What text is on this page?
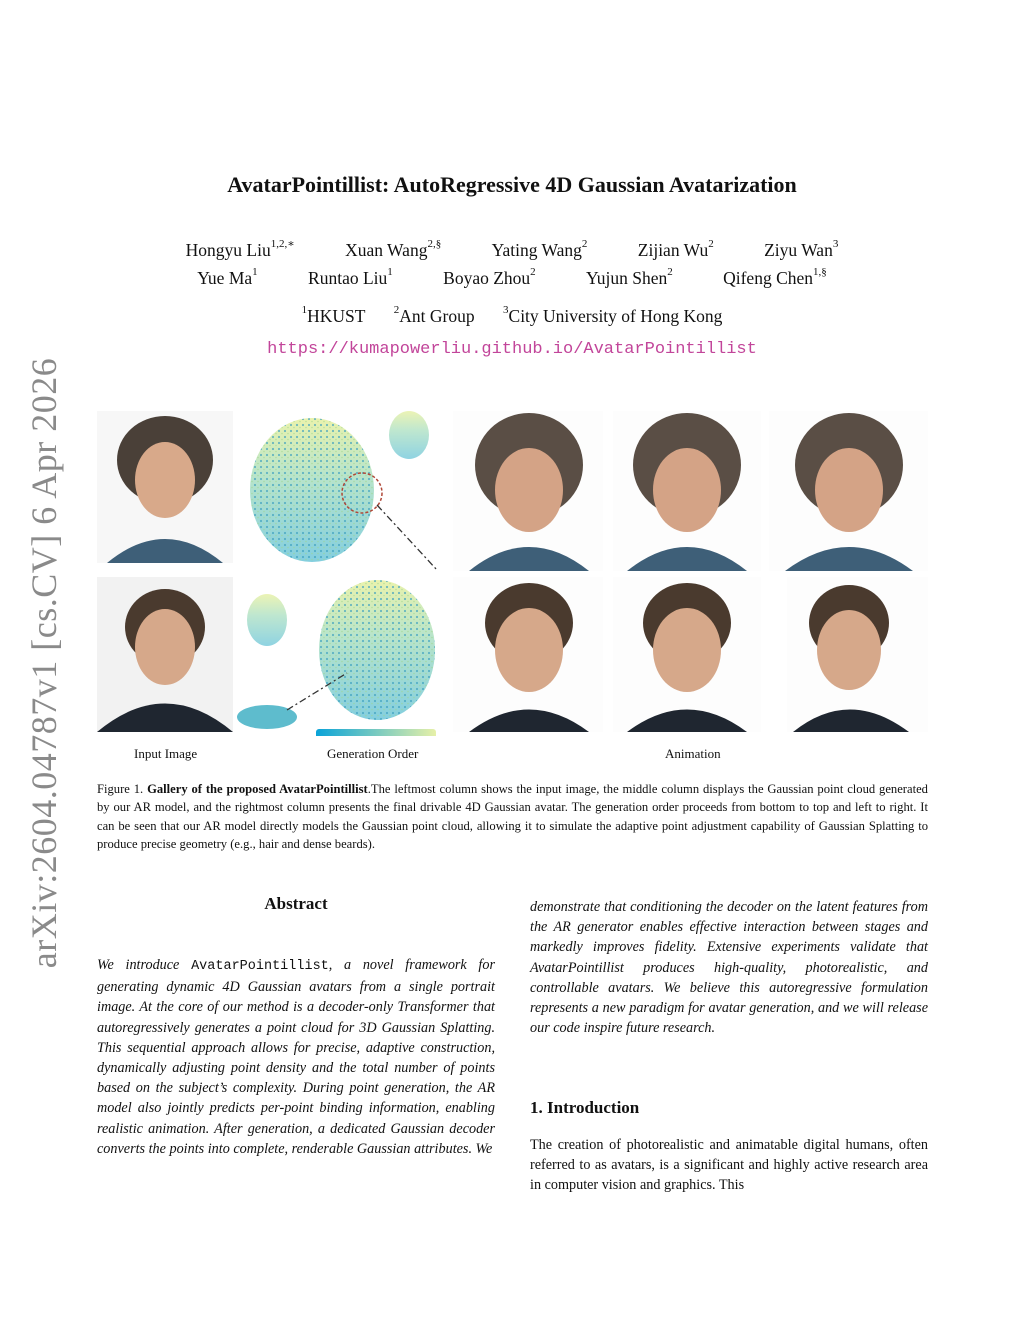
arXiv:2604.04787v1 [cs.CV] 6 Apr 2026
AvatarPointillist: AutoRegressive 4D Gaussian Avatarization
Hongyu Liu$^{1,2,∗}$	Xuan Wang$^{2,\S}$	Yating Wang$^2$	Zijian Wu$^2$	Ziyu Wan$^3$
Yue Ma$^1$	Runtao Liu$^1$	Boyao Zhou$^2$	Yujun Shen$^2$	Qifeng Chen$^{1,\S}$
$^1$HKUST	$^2$Ant Group	$^3$City University of Hong Kong
https://kumapowerliu.github.io/AvatarPointillist
Input Image	Generation Order	Animation
Figure 1. Gallery of the proposed AvatarPointillist.The leftmost column shows the input image, the middle column displays the Gaussian point cloud generated by our AR model, and the rightmost column presents the final drivable 4D Gaussian avatar. The generation order proceeds from bottom to top and left to right. It can be seen that our AR model directly models the Gaussian point cloud, allowing it to simulate the adaptive point adjustment capability of Gaussian Splatting to produce precise geometry (e.g., hair and dense beards).
Abstract
We introduce AvatarPointillist, a novel framework for generating dynamic 4D Gaussian avatars from a single portrait image. At the core of our method is a decoder-only Transformer that autoregressively generates a point cloud for 3D Gaussian Splatting. This sequential approach allows for precise, adaptive construction, dynamically adjusting point density and the total number of points based on the subject’s complexity. During point generation, the AR model also jointly predicts per-point binding information, enabling realistic animation. After generation, a dedicated Gaussian decoder converts the points into complete, renderable Gaussian attributes. We
demonstrate that conditioning the decoder on the latent features from the AR generator enables effective interaction between stages and markedly improves fidelity. Extensive experiments validate that AvatarPointillist produces high-quality, photorealistic, and controllable avatars. We believe this autoregressive formulation represents a new paradigm for avatar generation, and we will release our code inspire future research.
1. Introduction
The creation of photorealistic and animatable digital humans, often referred to as avatars, is a significant and highly active research area in computer vision and graphics. This
